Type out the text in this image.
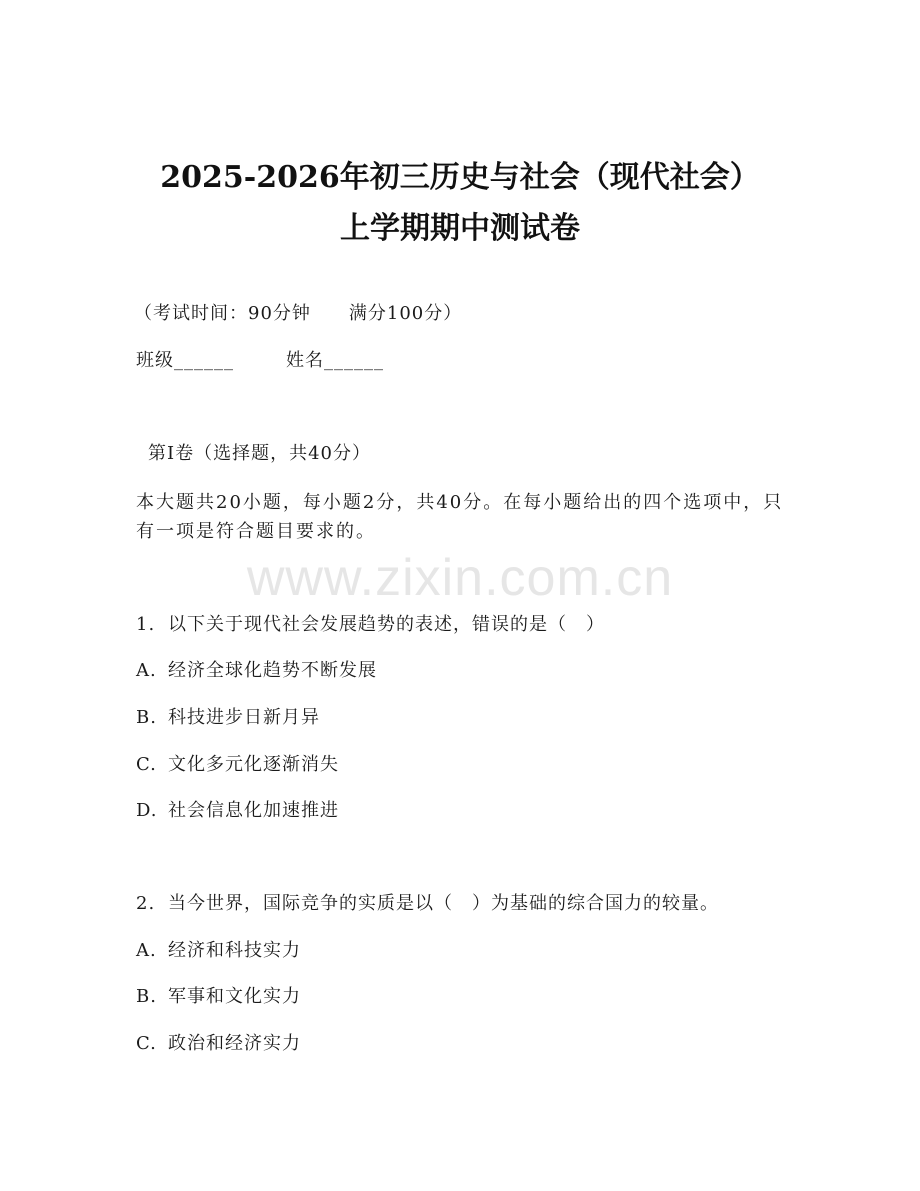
2025-2026年初三历史与社会（现代社会）
上学期期中测试卷
（考试时间：90分钟　　满分100分）
班级______	姓名______
第Ⅰ卷（选择题，共40分）
本大题共20小题，每小题2分，共40分。在每小题给出的四个选项中，只有一项是符合题目要求的。
www.zixin.com.cn
1. 以下关于现代社会发展趋势的表述，错误的是（　）
A. 经济全球化趋势不断发展
B. 科技进步日新月异
C. 文化多元化逐渐消失
D. 社会信息化加速推进
2. 当今世界，国际竞争的实质是以（　）为基础的综合国力的较量。
A. 经济和科技实力
B. 军事和文化实力
C. 政治和经济实力
